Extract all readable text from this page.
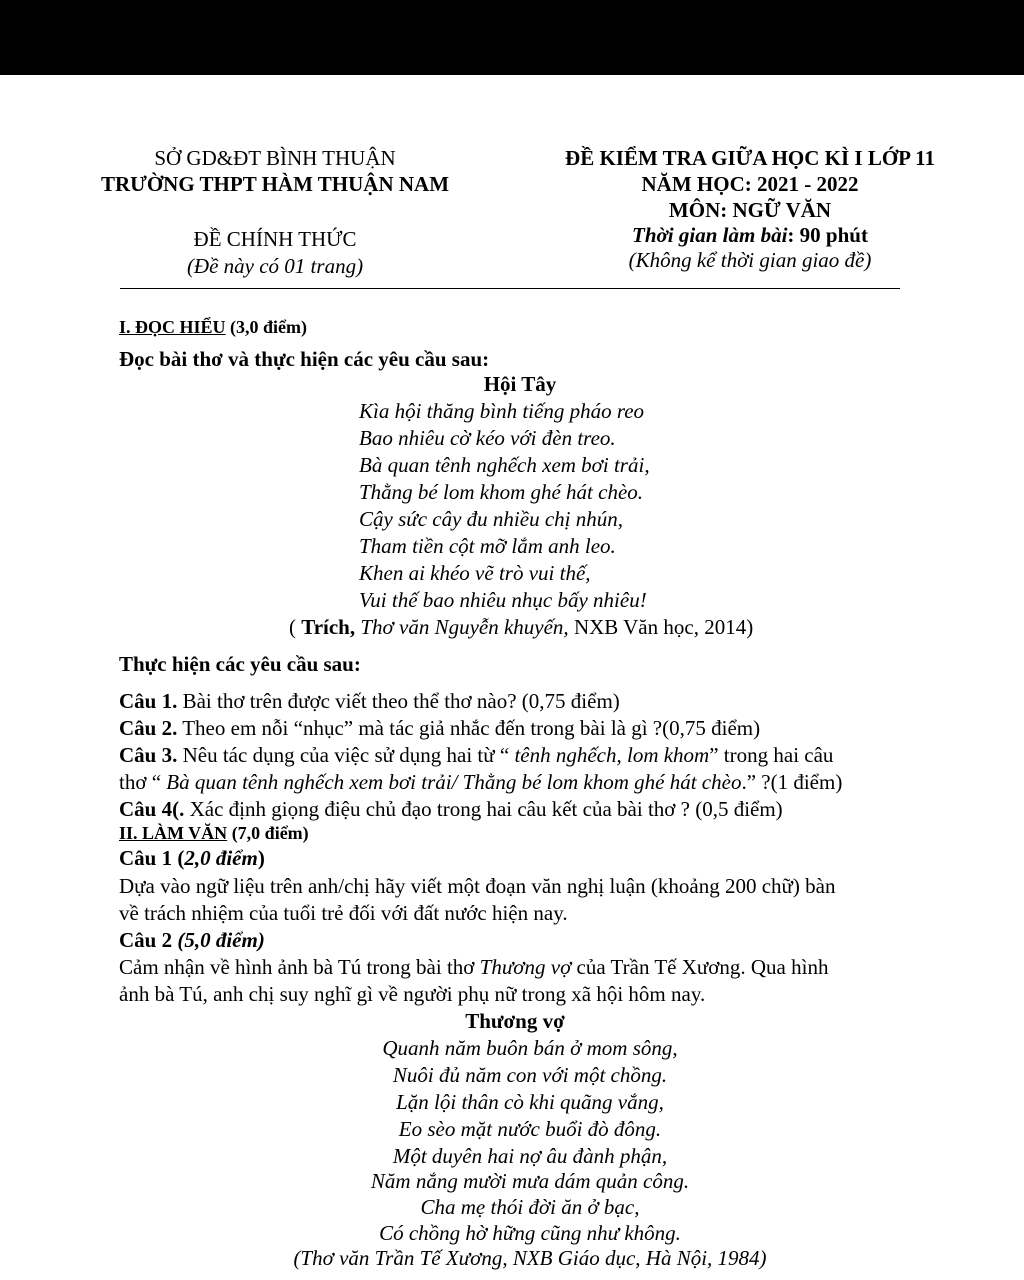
SỞ GD&ĐT BÌNH THUẬN
TRƯỜNG THPT HÀM THUẬN NAM
ĐỀ CHÍNH THỨC
(Đề này có 01 trang)
ĐỀ KIỂM TRA GIỮA HỌC KÌ I LỚP 11
NĂM HỌC: 2021 - 2022
MÔN: NGỮ VĂN
Thời gian làm bài: 90 phút
(Không kể thời gian giao đề)
I. ĐỌC HIỂU (3,0 điểm)
Đọc bài thơ và thực hiện các yêu cầu sau:
Hội Tây
Kìa hội thăng bình tiếng pháo reo
Bao nhiêu cờ kéo với đèn treo.
Bà quan tênh nghếch xem bơi trải,
Thằng bé lom khom ghé hát chèo.
Cậy sức cây đu nhiều chị nhún,
Tham tiền cột mỡ lắm anh leo.
Khen ai khéo vẽ trò vui thế,
Vui thế bao nhiêu nhục bấy nhiêu!
( Trích, Thơ văn Nguyễn khuyến, NXB Văn học, 2014)
Thực hiện các yêu cầu sau:
Câu 1. Bài thơ trên được viết theo thể thơ nào? (0,75 điểm)
Câu 2. Theo em nỗi “nhục” mà tác giả nhắc đến trong bài là gì ?(0,75 điểm)
Câu 3. Nêu tác dụng của việc sử dụng hai từ “ tênh nghếch, lom khom” trong hai câu
thơ “ Bà quan tênh nghếch xem bơi trải/ Thằng bé lom khom ghé hát chèo.” ?(1 điểm)
Câu 4(. Xác định giọng điệu chủ đạo trong hai câu kết của bài thơ ? (0,5 điểm)
II. LÀM VĂN (7,0 điểm)
Câu 1 (2,0 điểm)
Dựa vào ngữ liệu trên anh/chị hãy viết một đoạn văn nghị luận (khoảng 200 chữ) bàn
về trách nhiệm của tuổi trẻ đối với đất nước hiện nay.
Câu 2 (5,0 điểm)
Cảm nhận về hình ảnh bà Tú trong bài thơ Thương vợ của Trần Tế Xương. Qua hình
ảnh bà Tú, anh chị suy nghĩ gì về người phụ nữ trong xã hội hôm nay.
Thương vợ
Quanh năm buôn bán ở mom sông,
Nuôi đủ năm con với một chồng.
Lặn lội thân cò khi quãng vắng,
Eo sèo mặt nước buổi đò đông.
Một duyên hai nợ âu đành phận,
Năm nắng mười mưa dám quản công.
Cha mẹ thói đời ăn ở bạc,
Có chồng hờ hững cũng như không.
(Thơ văn Trần Tế Xương, NXB Giáo dục, Hà Nội, 1984)
